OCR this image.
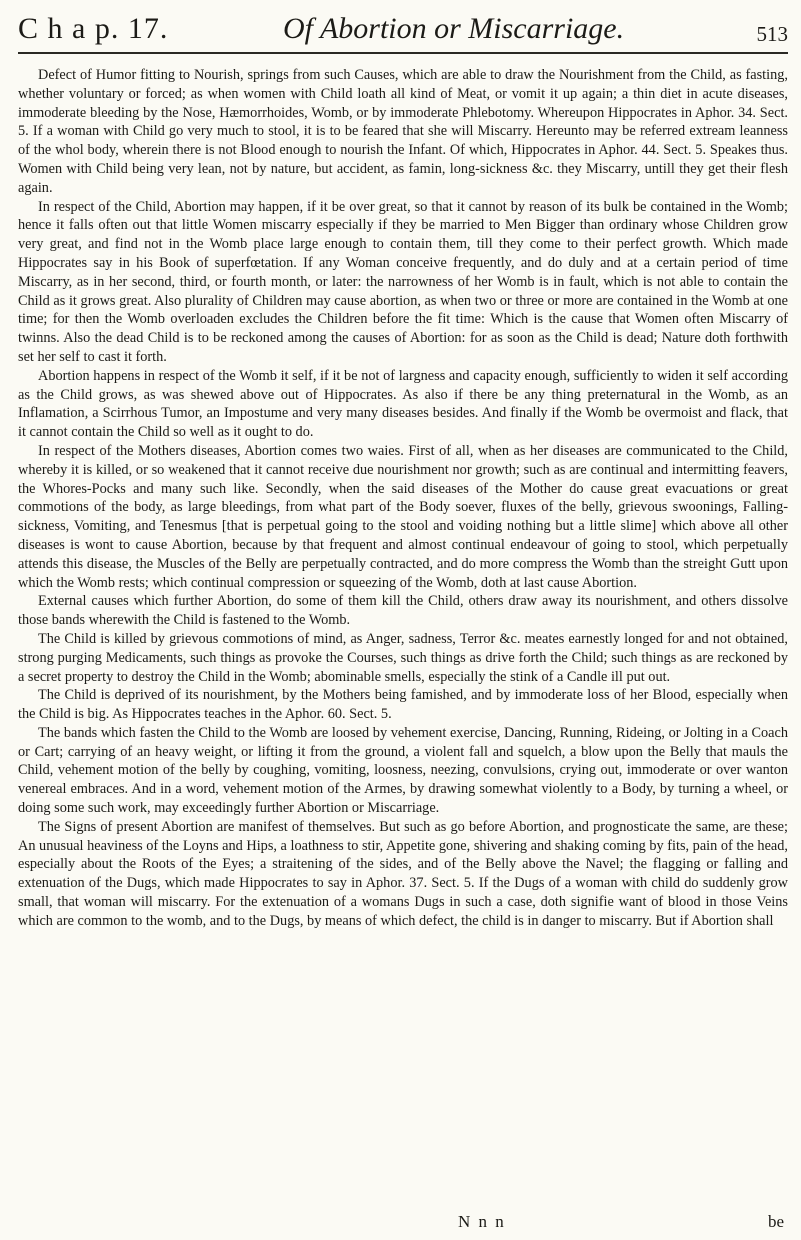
C h a p. 17.	Of Abortion or Miscarriage.	513

Defect of Humor fitting to Nourish, springs from such Causes, which are able to draw the Nourishment from the Child, as fasting, whether voluntary or forced; as when women with Child loath all kind of Meat, or vomit it up again; a thin diet in acute diseases, immoderate bleeding by the Nose, Hæmorrhoides, Womb, or by immoderate Phlebotomy. Whereupon Hippocrates in Aphor. 34. Sect. 5. If a woman with Child go very much to stool, it is to be feared that she will Miscarry. Hereunto may be referred extream leanness of the whol body, wherein there is not Blood enough to nourish the Infant. Of which, Hippocrates in Aphor. 44. Sect. 5. Speakes thus. Women with Child being very lean, not by nature, but accident, as famin, long-sickness &c. they Miscarry, untill they get their flesh again.

In respect of the Child, Abortion may happen, if it be over great, so that it cannot by reason of its bulk be contained in the Womb; hence it falls often out that little Women miscarry especially if they be married to Men Bigger than ordinary whose Children grow very great, and find not in the Womb place large enough to contain them, till they come to their perfect growth. Which made Hippocrates say in his Book of superfœtation. If any Woman conceive frequently, and do duly and at a certain period of time Miscarry, as in her second, third, or fourth month, or later: the narrowness of her Womb is in fault, which is not able to contain the Child as it grows great. Also plurality of Children may cause abortion, as when two or three or more are contained in the Womb at one time; for then the Womb overloaden excludes the Children before the fit time: Which is the cause that Women often Miscarry of twinns. Also the dead Child is to be reckoned among the causes of Abortion: for as soon as the Child is dead; Nature doth forthwith set her self to cast it forth.

Abortion happens in respect of the Womb it self, if it be not of largness and capacity enough, sufficiently to widen it self according as the Child grows, as was shewed above out of Hippocrates. As also if there be any thing preternatural in the Womb, as an Inflamation, a Scirrhous Tumor, an Impostume and very many diseases besides. And finally if the Womb be overmoist and flack, that it cannot contain the Child so well as it ought to do.

In respect of the Mothers diseases, Abortion comes two waies. First of all, when as her diseases are communicated to the Child, whereby it is killed, or so weakened that it cannot receive due nourishment nor growth; such as are continual and intermitting feavers, the Whores-Pocks and many such like. Secondly, when the said diseases of the Mother do cause great evacuations or great commotions of the body, as large bleedings, from what part of the Body soever, fluxes of the belly, grievous swoonings, Falling-sickness, Vomiting, and Tenesmus [that is perpetual going to the stool and voiding nothing but a little slime] which above all other diseases is wont to cause Abortion, because by that frequent and almost continual endeavour of going to stool, which perpetually attends this disease, the Muscles of the Belly are perpetually contracted, and do more compress the Womb than the streight Gutt upon which the Womb rests; which continual compression or squeezing of the Womb, doth at last cause Abortion.

External causes which further Abortion, do some of them kill the Child, others draw away its nourishment, and others dissolve those bands wherewith the Child is fastened to the Womb.

The Child is killed by grievous commotions of mind, as Anger, sadness, Terror &c. meates earnestly longed for and not obtained, strong purging Medicaments, such things as provoke the Courses, such things as drive forth the Child; such things as are reckoned by a secret property to destroy the Child in the Womb; abominable smells, especially the stink of a Candle ill put out.

The Child is deprived of its nourishment, by the Mothers being famished, and by immoderate loss of her Blood, especially when the Child is big. As Hippocrates teaches in the Aphor. 60. Sect. 5.

The bands which fasten the Child to the Womb are loosed by vehement exercise, Dancing, Running, Rideing, or Jolting in a Coach or Cart; carrying of an heavy weight, or lifting it from the ground, a violent fall and squelch, a blow upon the Belly that mauls the Child, vehement motion of the belly by coughing, vomiting, loosness, neezing, convulsions, crying out, immoderate or over wanton venereal embraces. And in a word, vehement motion of the Armes, by drawing somewhat violently to a Body, by turning a wheel, or doing some such work, may exceedingly further Abortion or Miscarriage.

The Signs of present Abortion are manifest of themselves. But such as go before Abortion, and prognosticate the same, are these; An unusual heaviness of the Loyns and Hips, a loathness to stir, Appetite gone, shivering and shaking coming by fits, pain of the head, especially about the Roots of the Eyes; a straitening of the sides, and of the Belly above the Navel; the flagging or falling and extenuation of the Dugs, which made Hippocrates to say in Aphor. 37. Sect. 5. If the Dugs of a woman with child do suddenly grow small, that woman will miscarry. For the extenuation of a womans Dugs in such a case, doth signifie want of blood in those Veins which are common to the womb, and to the Dugs, by means of which defect, the child is in danger to miscarry. But if Abortion shall

N n n	be
